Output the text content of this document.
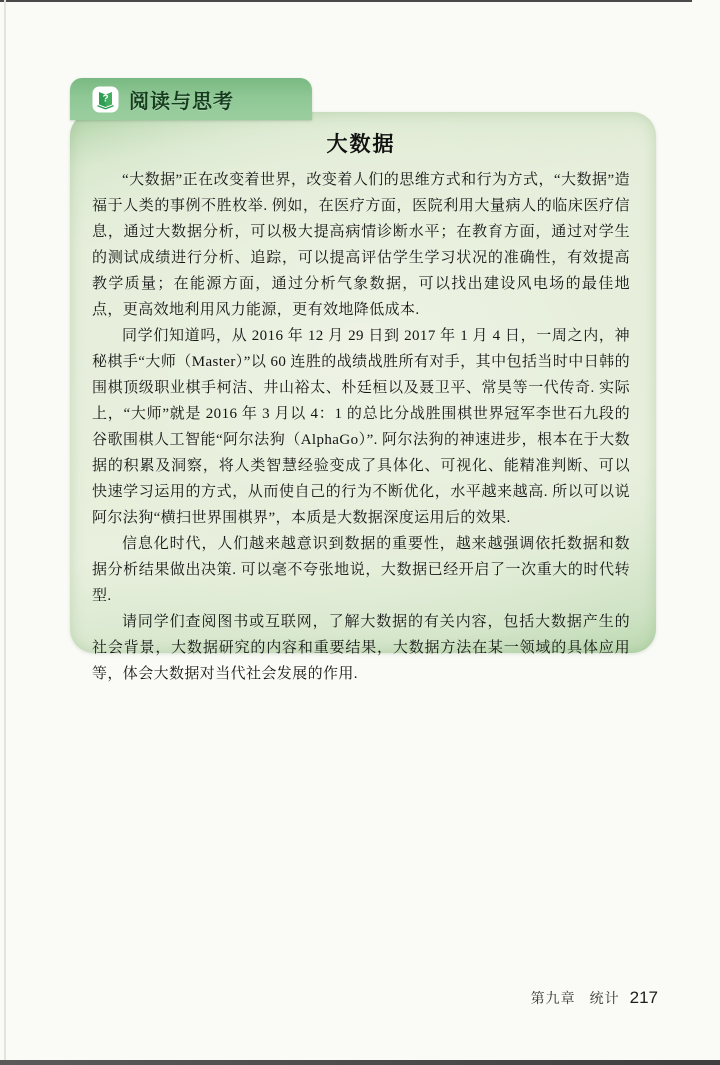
? 阅读与思考
大数据

“大数据”正在改变着世界，改变着人们的思维方式和行为方式，“大数据”造福于人类的事例不胜枚举. 例如，在医疗方面，医院利用大量病人的临床医疗信息，通过大数据分析，可以极大提高病情诊断水平；在教育方面，通过对学生的测试成绩进行分析、追踪，可以提高评估学生学习状况的准确性，有效提高教学质量；在能源方面，通过分析气象数据，可以找出建设风电场的最佳地点，更高效地利用风力能源，更有效地降低成本.

同学们知道吗，从 2016 年 12 月 29 日到 2017 年 1 月 4 日，一周之内，神秘棋手“大师（Master）”以 60 连胜的战绩战胜所有对手，其中包括当时中日韩的围棋顶级职业棋手柯洁、井山裕太、朴廷桓以及聂卫平、常昊等一代传奇. 实际上，“大师”就是 2016 年 3 月以 4：1 的总比分战胜围棋世界冠军李世石九段的谷歌围棋人工智能“阿尔法狗（AlphaGo）”. 阿尔法狗的神速进步，根本在于大数据的积累及洞察，将人类智慧经验变成了具体化、可视化、能精准判断、可以快速学习运用的方式，从而使自己的行为不断优化，水平越来越高. 所以可以说阿尔法狗“横扫世界围棋界”，本质是大数据深度运用后的效果.

信息化时代，人们越来越意识到数据的重要性，越来越强调依托数据和数据分析结果做出决策. 可以毫不夸张地说，大数据已经开启了一次重大的时代转型.

请同学们查阅图书或互联网，了解大数据的有关内容，包括大数据产生的社会背景，大数据研究的内容和重要结果，大数据方法在某一领域的具体应用等，体会大数据对当代社会发展的作用.

第九章 统计 217
